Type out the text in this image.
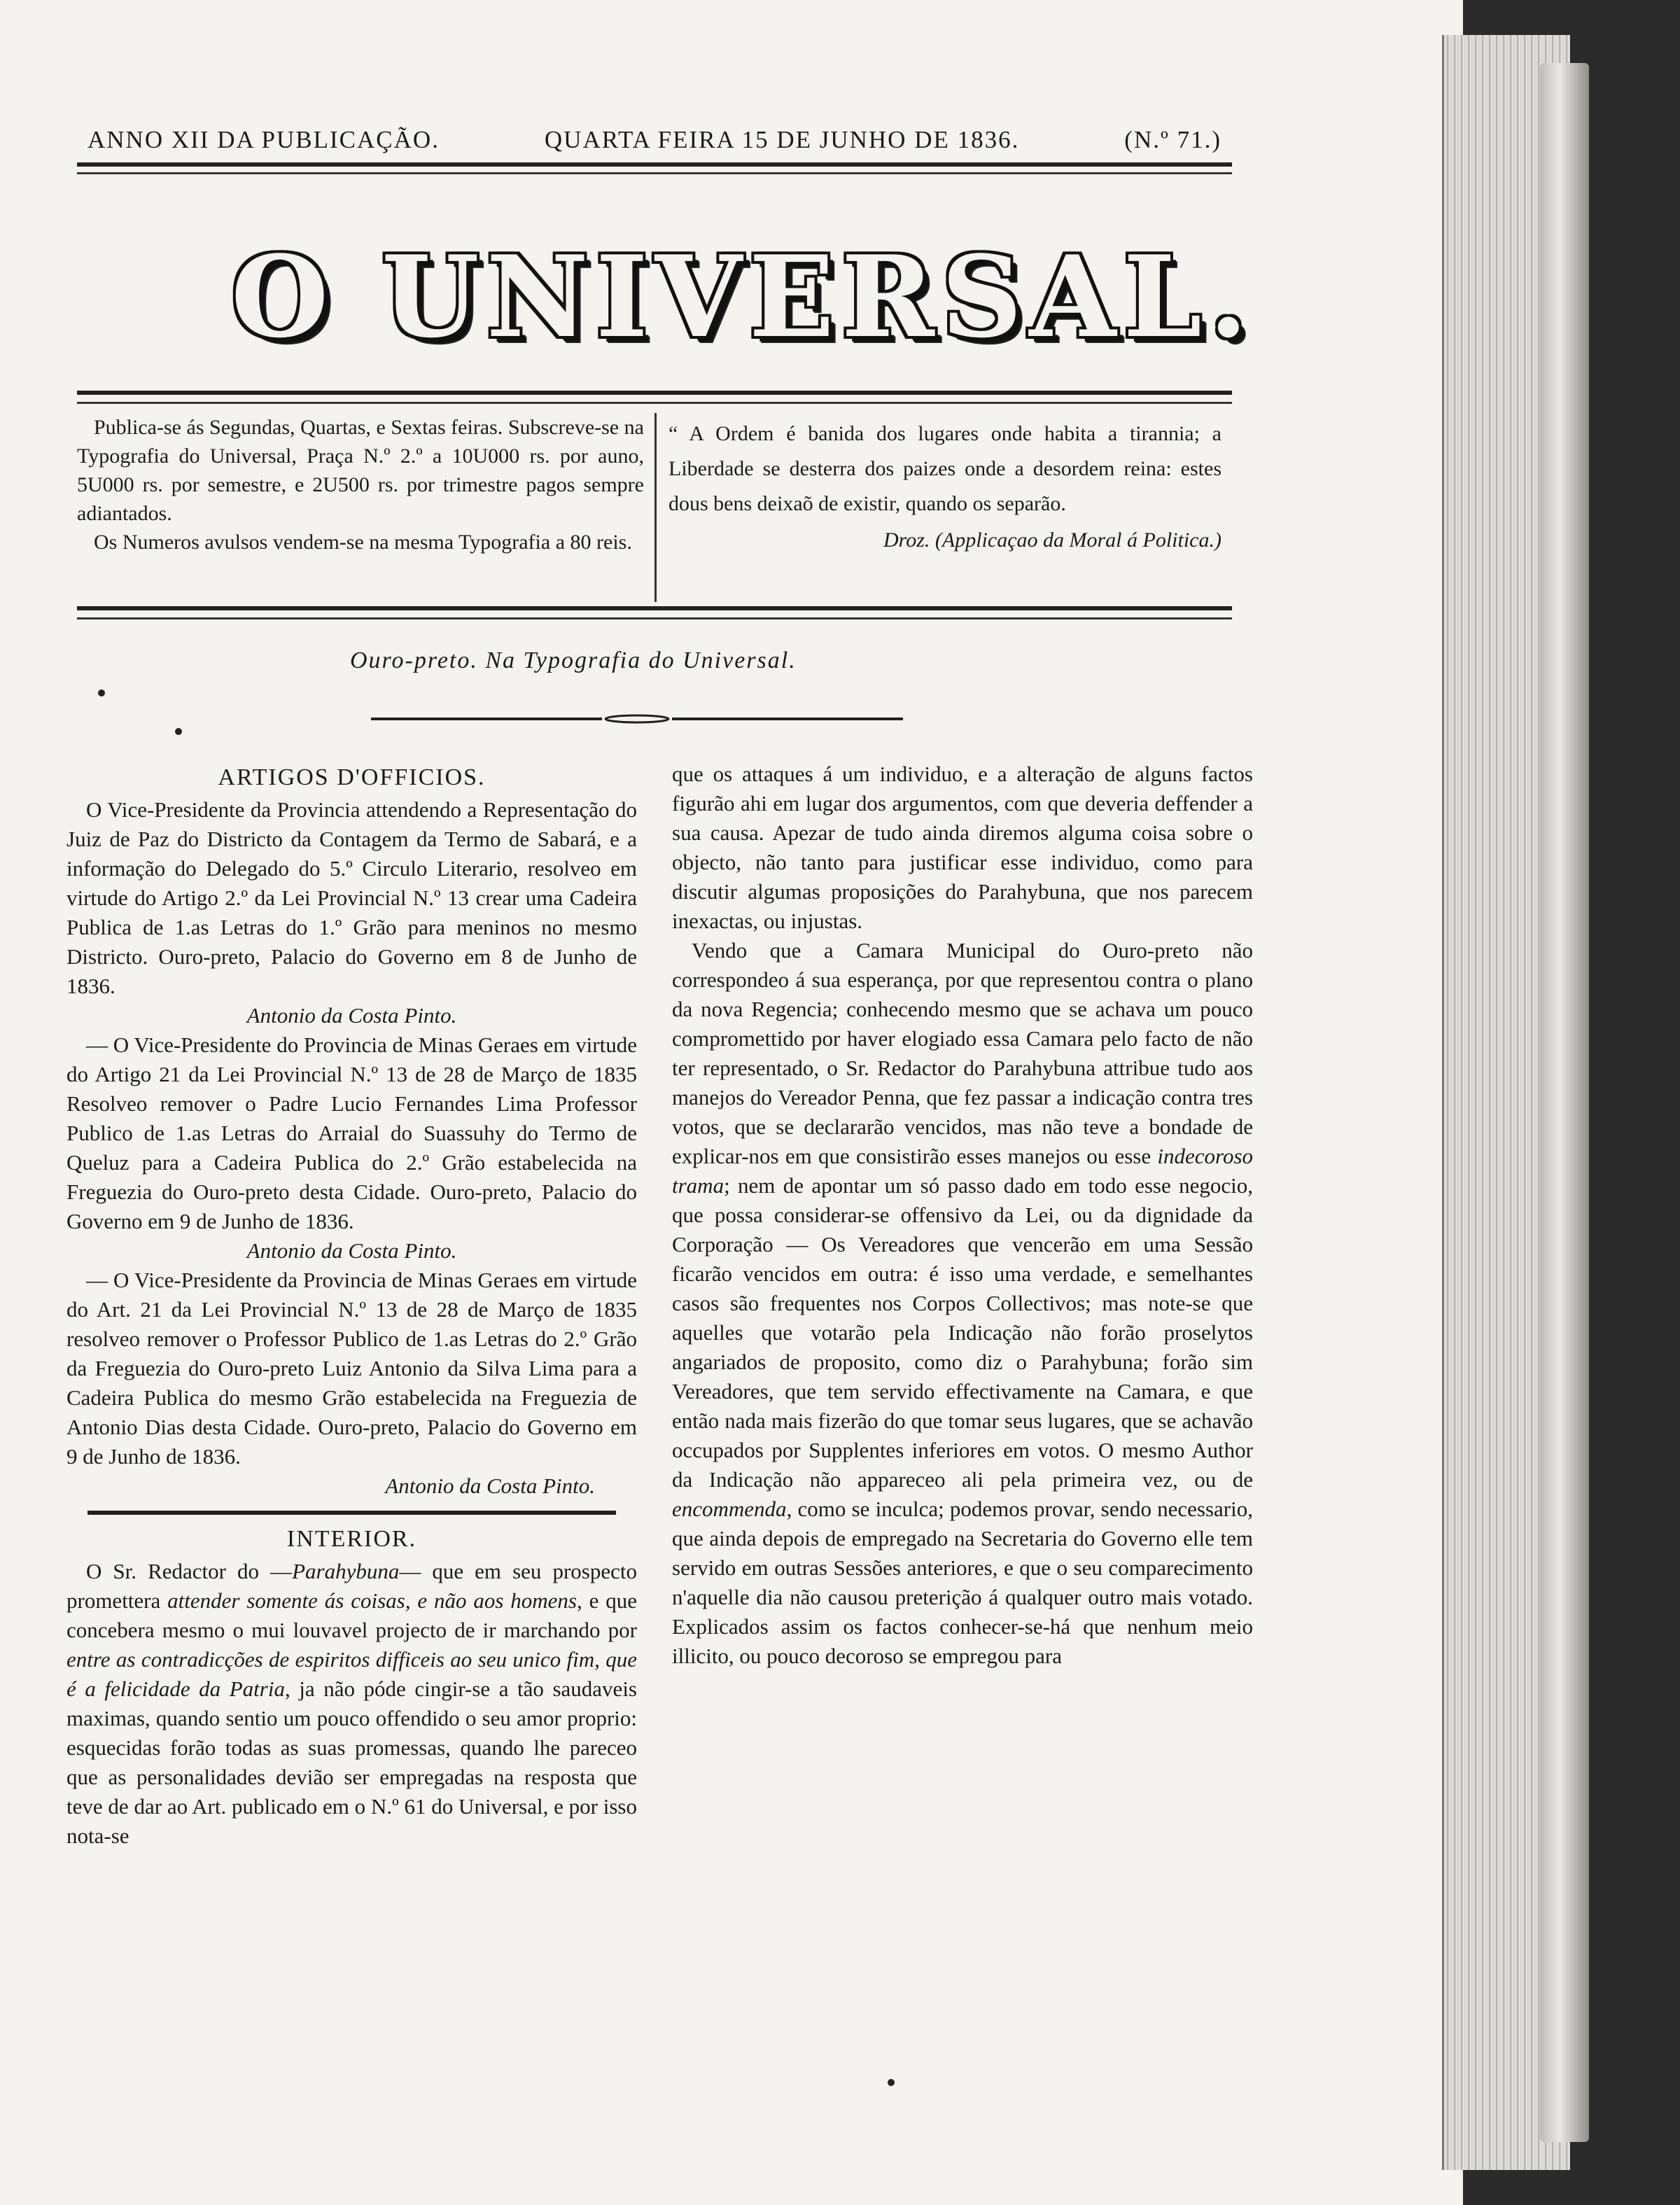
ANNO XII DA PUBLICAÇÃO.	QUARTA FEIRA 15 DE JUNHO DE 1836.	(N.º 71.)
O UNIVERSAL.

Publica-se ás Segundas, Quartas, e Sextas feiras. Subscreve-se na Typografia do Universal, Praça N.º 2.º a 10U000 rs. por auno, 5U000 rs. por semestre, e 2U500 rs. por trimestre pagos sempre adiantados.

Os Numeros avulsos vendem-se na mesma Typografia a 80 reis.

“ A Ordem é banida dos lugares onde habita a tirannia; a Liberdade se desterra dos paizes onde a desordem reina: estes dous bens deixaõ de existir, quando os separão.

Droz. (Applicaçao da Moral á Politica.)

Ouro-preto. Na Typografia do Universal.

ARTIGOS D'OFFICIOS.

O Vice-Presidente da Provincia attendendo a Representação do Juiz de Paz do Districto da Contagem da Termo de Sabará, e a informação do Delegado do 5.º Circulo Literario, resolveo em virtude do Artigo 2.º da Lei Provincial N.º 13 crear uma Cadeira Publica de 1.as Letras do 1.º Grão para meninos no mesmo Districto. Ouro-preto, Palacio do Governo em 8 de Junho de 1836.

Antonio da Costa Pinto.

— O Vice-Presidente do Provincia de Minas Geraes em virtude do Artigo 21 da Lei Provincial N.º 13 de 28 de Março de 1835 Resolveo remover o Padre Lucio Fernandes Lima Professor Publico de 1.as Letras do Arraial do Suassuhy do Termo de Queluz para a Cadeira Publica do 2.º Grão estabelecida na Freguezia do Ouro-preto desta Cidade. Ouro-preto, Palacio do Governo em 9 de Junho de 1836.

Antonio da Costa Pinto.

— O Vice-Presidente da Provincia de Minas Geraes em virtude do Art. 21 da Lei Provincial N.º 13 de 28 de Março de 1835 resolveo remover o Professor Publico de 1.as Letras do 2.º Grão da Freguezia do Ouro-preto Luiz Antonio da Silva Lima para a Cadeira Publica do mesmo Grão estabelecida na Freguezia de Antonio Dias desta Cidade. Ouro-preto, Palacio do Governo em 9 de Junho de 1836.

Antonio da Costa Pinto.

INTERIOR.

O Sr. Redactor do —Parahybuna— que em seu prospecto promettera attender somente ás coisas, e não aos homens, e que concebera mesmo o mui louvavel projecto de ir marchando por entre as contradicções de espiritos difficeis ao seu unico fim, que é a felicidade da Patria, ja não póde cingir-se a tão saudaveis maximas, quando sentio um pouco offendido o seu amor proprio: esquecidas forão todas as suas promessas, quando lhe pareceo que as personalidades devião ser empregadas na resposta que teve de dar ao Art. publicado em o N.º 61 do Universal, e por isso nota-se

que os attaques á um individuo, e a alteração de alguns factos figurão ahi em lugar dos argumentos, com que deveria deffender a sua causa. Apezar de tudo ainda diremos alguma coisa sobre o objecto, não tanto para justificar esse individuo, como para discutir algumas proposições do Parahybuna, que nos parecem inexactas, ou injustas.

Vendo que a Camara Municipal do Ouro-preto não correspondeo á sua esperança, por que representou contra o plano da nova Regencia; conhecendo mesmo que se achava um pouco compromettido por haver elogiado essa Camara pelo facto de não ter representado, o Sr. Redactor do Parahybuna attribue tudo aos manejos do Vereador Penna, que fez passar a indicação contra tres votos, que se declararão vencidos, mas não teve a bondade de explicar-nos em que consistirão esses manejos ou esse indecoroso trama; nem de apontar um só passo dado em todo esse negocio, que possa considerar-se offensivo da Lei, ou da dignidade da Corporação — Os Vereadores que vencerão em uma Sessão ficarão vencidos em outra: é isso uma verdade, e semelhantes casos são frequentes nos Corpos Collectivos; mas note-se que aquelles que votarão pela Indicação não forão proselytos angariados de proposito, como diz o Parahybuna; forão sim Vereadores, que tem servido effectivamente na Camara, e que então nada mais fizerão do que tomar seus lugares, que se achavão occupados por Supplentes inferiores em votos. O mesmo Author da Indicação não appareceo ali pela primeira vez, ou de encommenda, como se inculca; podemos provar, sendo necessario, que ainda depois de empregado na Secretaria do Governo elle tem servido em outras Sessões anteriores, e que o seu comparecimento n'aquelle dia não causou preterição á qualquer outro mais votado. Explicados assim os factos conhecer-se-há que nenhum meio illicito, ou pouco decoroso se empregou para
